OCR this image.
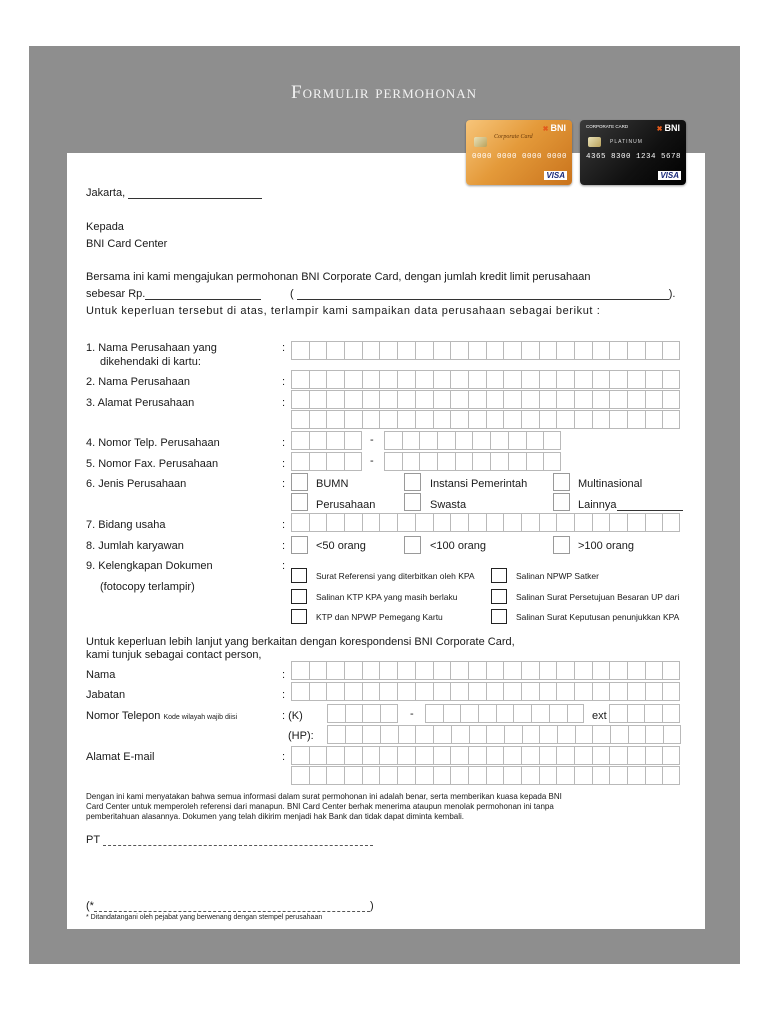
Formulir permohonan
✖ BNI
Corporate Card
0000 0000 0000 0000
VISA
CORPORATE CARD
✖	BNI
PLATINUM
4365 8300 1234 5678
VISA
Jakarta,
Kepada
BNI Card Center
Bersama ini kami mengajukan permohonan BNI Corporate Card, dengan jumlah kredit limit perusahaan
sebesar Rp.	(	).
Untuk keperluan tersebut di atas, terlampir kami sampaikan data perusahaan sebagai berikut :
1. Nama Perusahaan yang
dikehendaki di kartu:
2. Nama Perusahaan
3. Alamat Perusahaan
4. Nomor Telp. Perusahaan
5. Nomor Fax. Perusahaan
6. Jenis Perusahaan
7. Bidang usaha
8. Jumlah karyawan
9. Kelengkapan Dokumen
(fotocopy terlampir)
:
:
:
:
:
:
:
:
:
-
-
BUMN	Instansi Pemerintah	Multinasional
Perusahaan	Swasta	Lainnya
<50 orang	<100 orang	>100 orang
Surat Referensi yang diterbitkan oleh KPA	Salinan NPWP Satker
Salinan KTP KPA yang masih berlaku	Salinan Surat Persetujuan Besaran UP dari
KTP dan NPWP Pemegang Kartu	Salinan Surat Keputusan penunjukkan KPA
Untuk keperluan lebih lanjut yang berkaitan dengan korespondensi BNI Corporate Card,
kami tunjuk sebagai contact person,
Nama	:
Jabatan	:
Nomor Telepon Kode wilayah wajib diisi	: (K)	-	ext
(HP):
Alamat E-mail	:
Dengan ini kami menyatakan bahwa semua informasi dalam surat permohonan ini adalah benar, serta memberikan kuasa kepada BNI
Card Center untuk memperoleh referensi dari manapun. BNI Card Center berhak menerima ataupun menolak permohonan ini tanpa
pemberitahuan alasannya. Dokumen yang telah dikirim menjadi hak Bank dan tidak dapat diminta kembali.
PT
(*	)
* Ditandatangani oleh pejabat yang berwenang dengan stempel perusahaan
